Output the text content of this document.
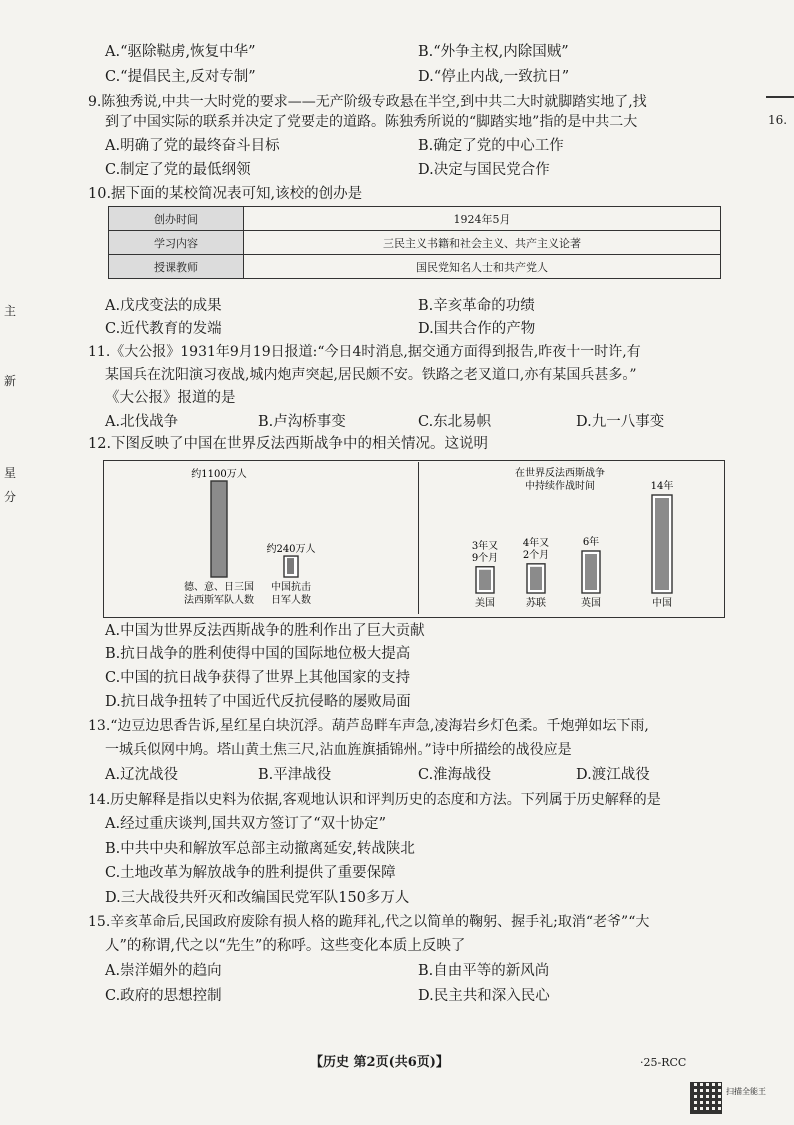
A.“驱除鞑虏,恢复中华”	B.“外争主权,内除国贼”
C.“提倡民主,反对专制”	D.“停止内战,一致抗日”
9.陈独秀说,中共一大时党的要求——无产阶级专政悬在半空,到中共二大时就脚踏实地了,找
到了中国实际的联系并决定了党要走的道路。陈独秀所说的“脚踏实地”指的是中共二大
A.明确了党的最终奋斗目标	B.确定了党的中心工作
C.制定了党的最低纲领	D.决定与国民党合作
10.据下面的某校简况表可知,该校的创办是
创办时间	1924年5月
学习内容	三民主义书籍和社会主义、共产主义论著
授课教师	国民党知名人士和共产党人
A.戊戌变法的成果	B.辛亥革命的功绩
C.近代教育的发端	D.国共合作的产物
11.《大公报》1931年9月19日报道:“今日4时消息,据交通方面得到报告,昨夜十一时许,有
某国兵在沈阳演习夜战,城内炮声突起,居民颇不安。铁路之老叉道口,亦有某国兵甚多。”
《大公报》报道的是
A.北伐战争	B.卢沟桥事变	C.东北易帜	D.九一八事变
12.下图反映了中国在世界反法西斯战争中的相关情况。这说明
约1100万人
德、意、日三国
法西斯军队人数
约240万人
中国抗击
日军人数
在世界反法西斯战争
中持续作战时间
3年又
9个月
美国
4年又
2个月
苏联
6年
英国
14年
中国
A.中国为世界反法西斯战争的胜利作出了巨大贡献
B.抗日战争的胜利使得中国的国际地位极大提高
C.中国的抗日战争获得了世界上其他国家的支持
D.抗日战争扭转了中国近代反抗侵略的屡败局面
13.“边豆边思香告诉,星红星白块沉浮。葫芦岛畔车声急,凌海岩乡灯色柔。千炮弹如坛下雨,
一城兵似网中鸠。塔山黄土焦三尺,沾血旌旗插锦州。”诗中所描绘的战役应是
A.辽沈战役	B.平津战役	C.淮海战役	D.渡江战役
14.历史解释是指以史料为依据,客观地认识和评判历史的态度和方法。下列属于历史解释的是
A.经过重庆谈判,国共双方签订了“双十协定”
B.中共中央和解放军总部主动撤离延安,转战陕北
C.土地改革为解放战争的胜利提供了重要保障
D.三大战役共歼灭和改编国民党军队150多万人
15.辛亥革命后,民国政府废除有损人格的跪拜礼,代之以简单的鞠躬、握手礼;取消“老爷”“大
人”的称谓,代之以“先生”的称呼。这些变化本质上反映了
A.崇洋媚外的趋向	B.自由平等的新风尚
C.政府的思想控制	D.民主共和深入民心
16.
主
新
星
分
【历史 第2页(共6页)】	·25-RCC
扫描全能王
